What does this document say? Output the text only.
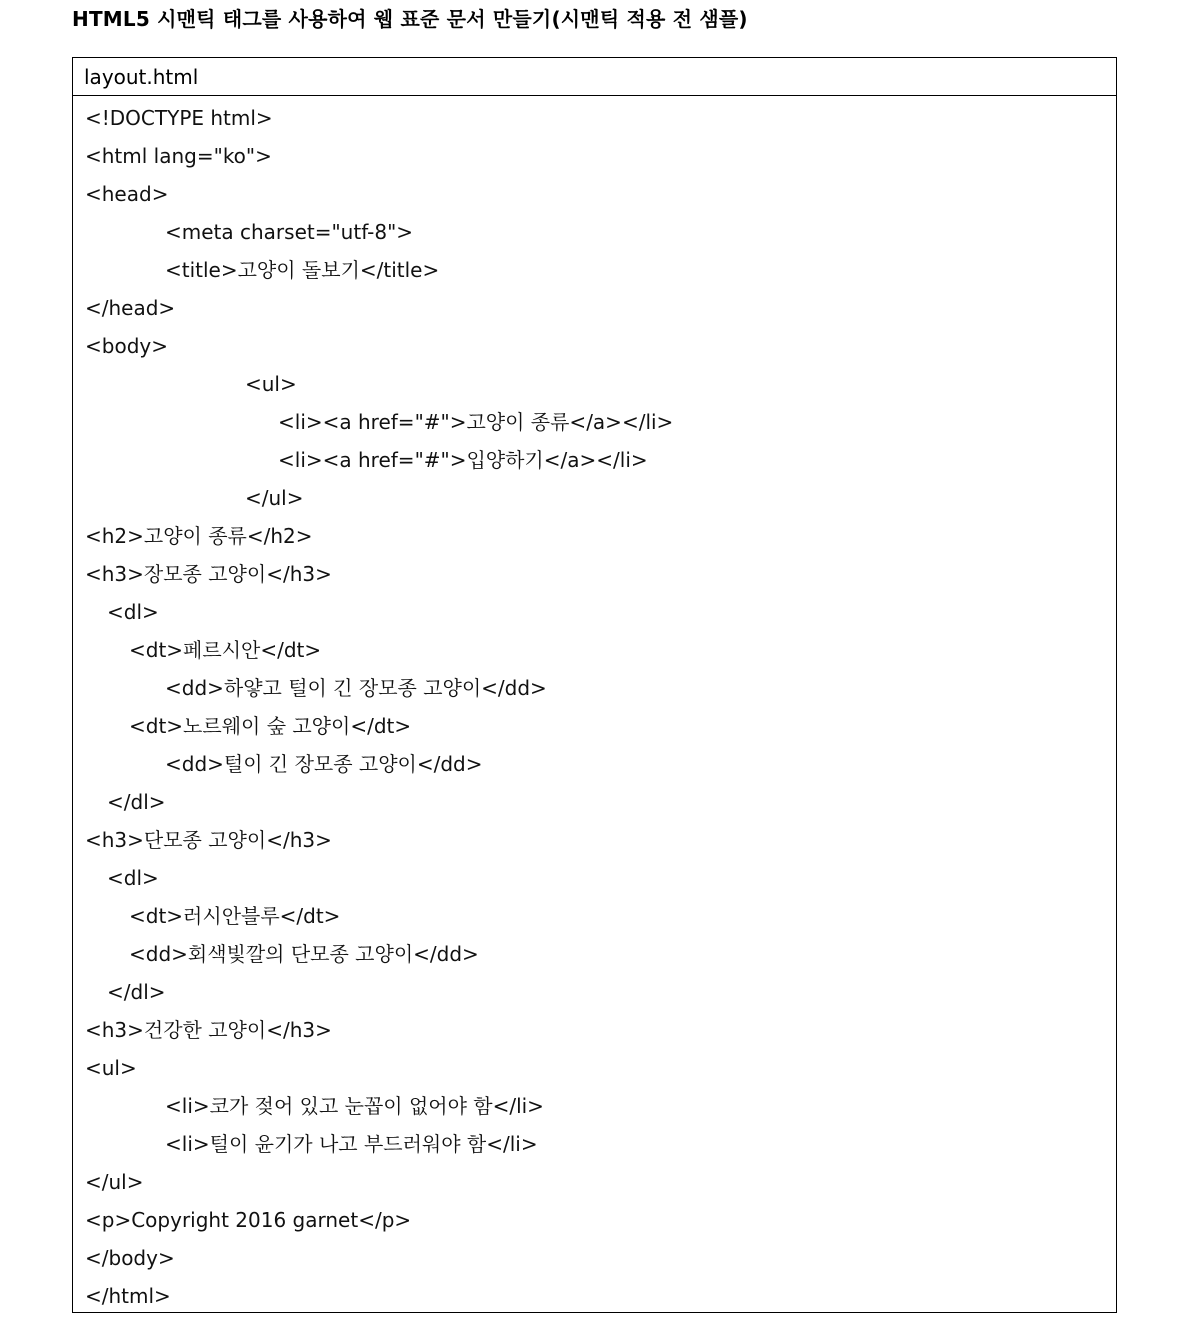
HTML5 시맨틱 태그를 사용하여 웹 표준 문서 만들기(시맨틱 적용 전 샘플)
layout.html
<!DOCTYPE html>
<html lang="ko">
<head>
<meta charset="utf-8">
<title>고양이 돌보기</title>
</head>
<body>
<ul>
<li><a href="#">고양이 종류</a></li>
<li><a href="#">입양하기</a></li>
</ul>
<h2>고양이 종류</h2>
<h3>장모종 고양이</h3>
<dl>
<dt>페르시안</dt>
<dd>하얗고 털이 긴 장모종 고양이</dd>
<dt>노르웨이 숲 고양이</dt>
<dd>털이 긴 장모종 고양이</dd>
</dl>
<h3>단모종 고양이</h3>
<dl>
<dt>러시안블루</dt>
<dd>회색빛깔의 단모종 고양이</dd>
</dl>
<h3>건강한 고양이</h3>
<ul>
<li>코가 젖어 있고 눈꼽이 없어야 함</li>
<li>털이 윤기가 나고 부드러워야 함</li>
</ul>
<p>Copyright 2016 garnet</p>
</body>
</html>
